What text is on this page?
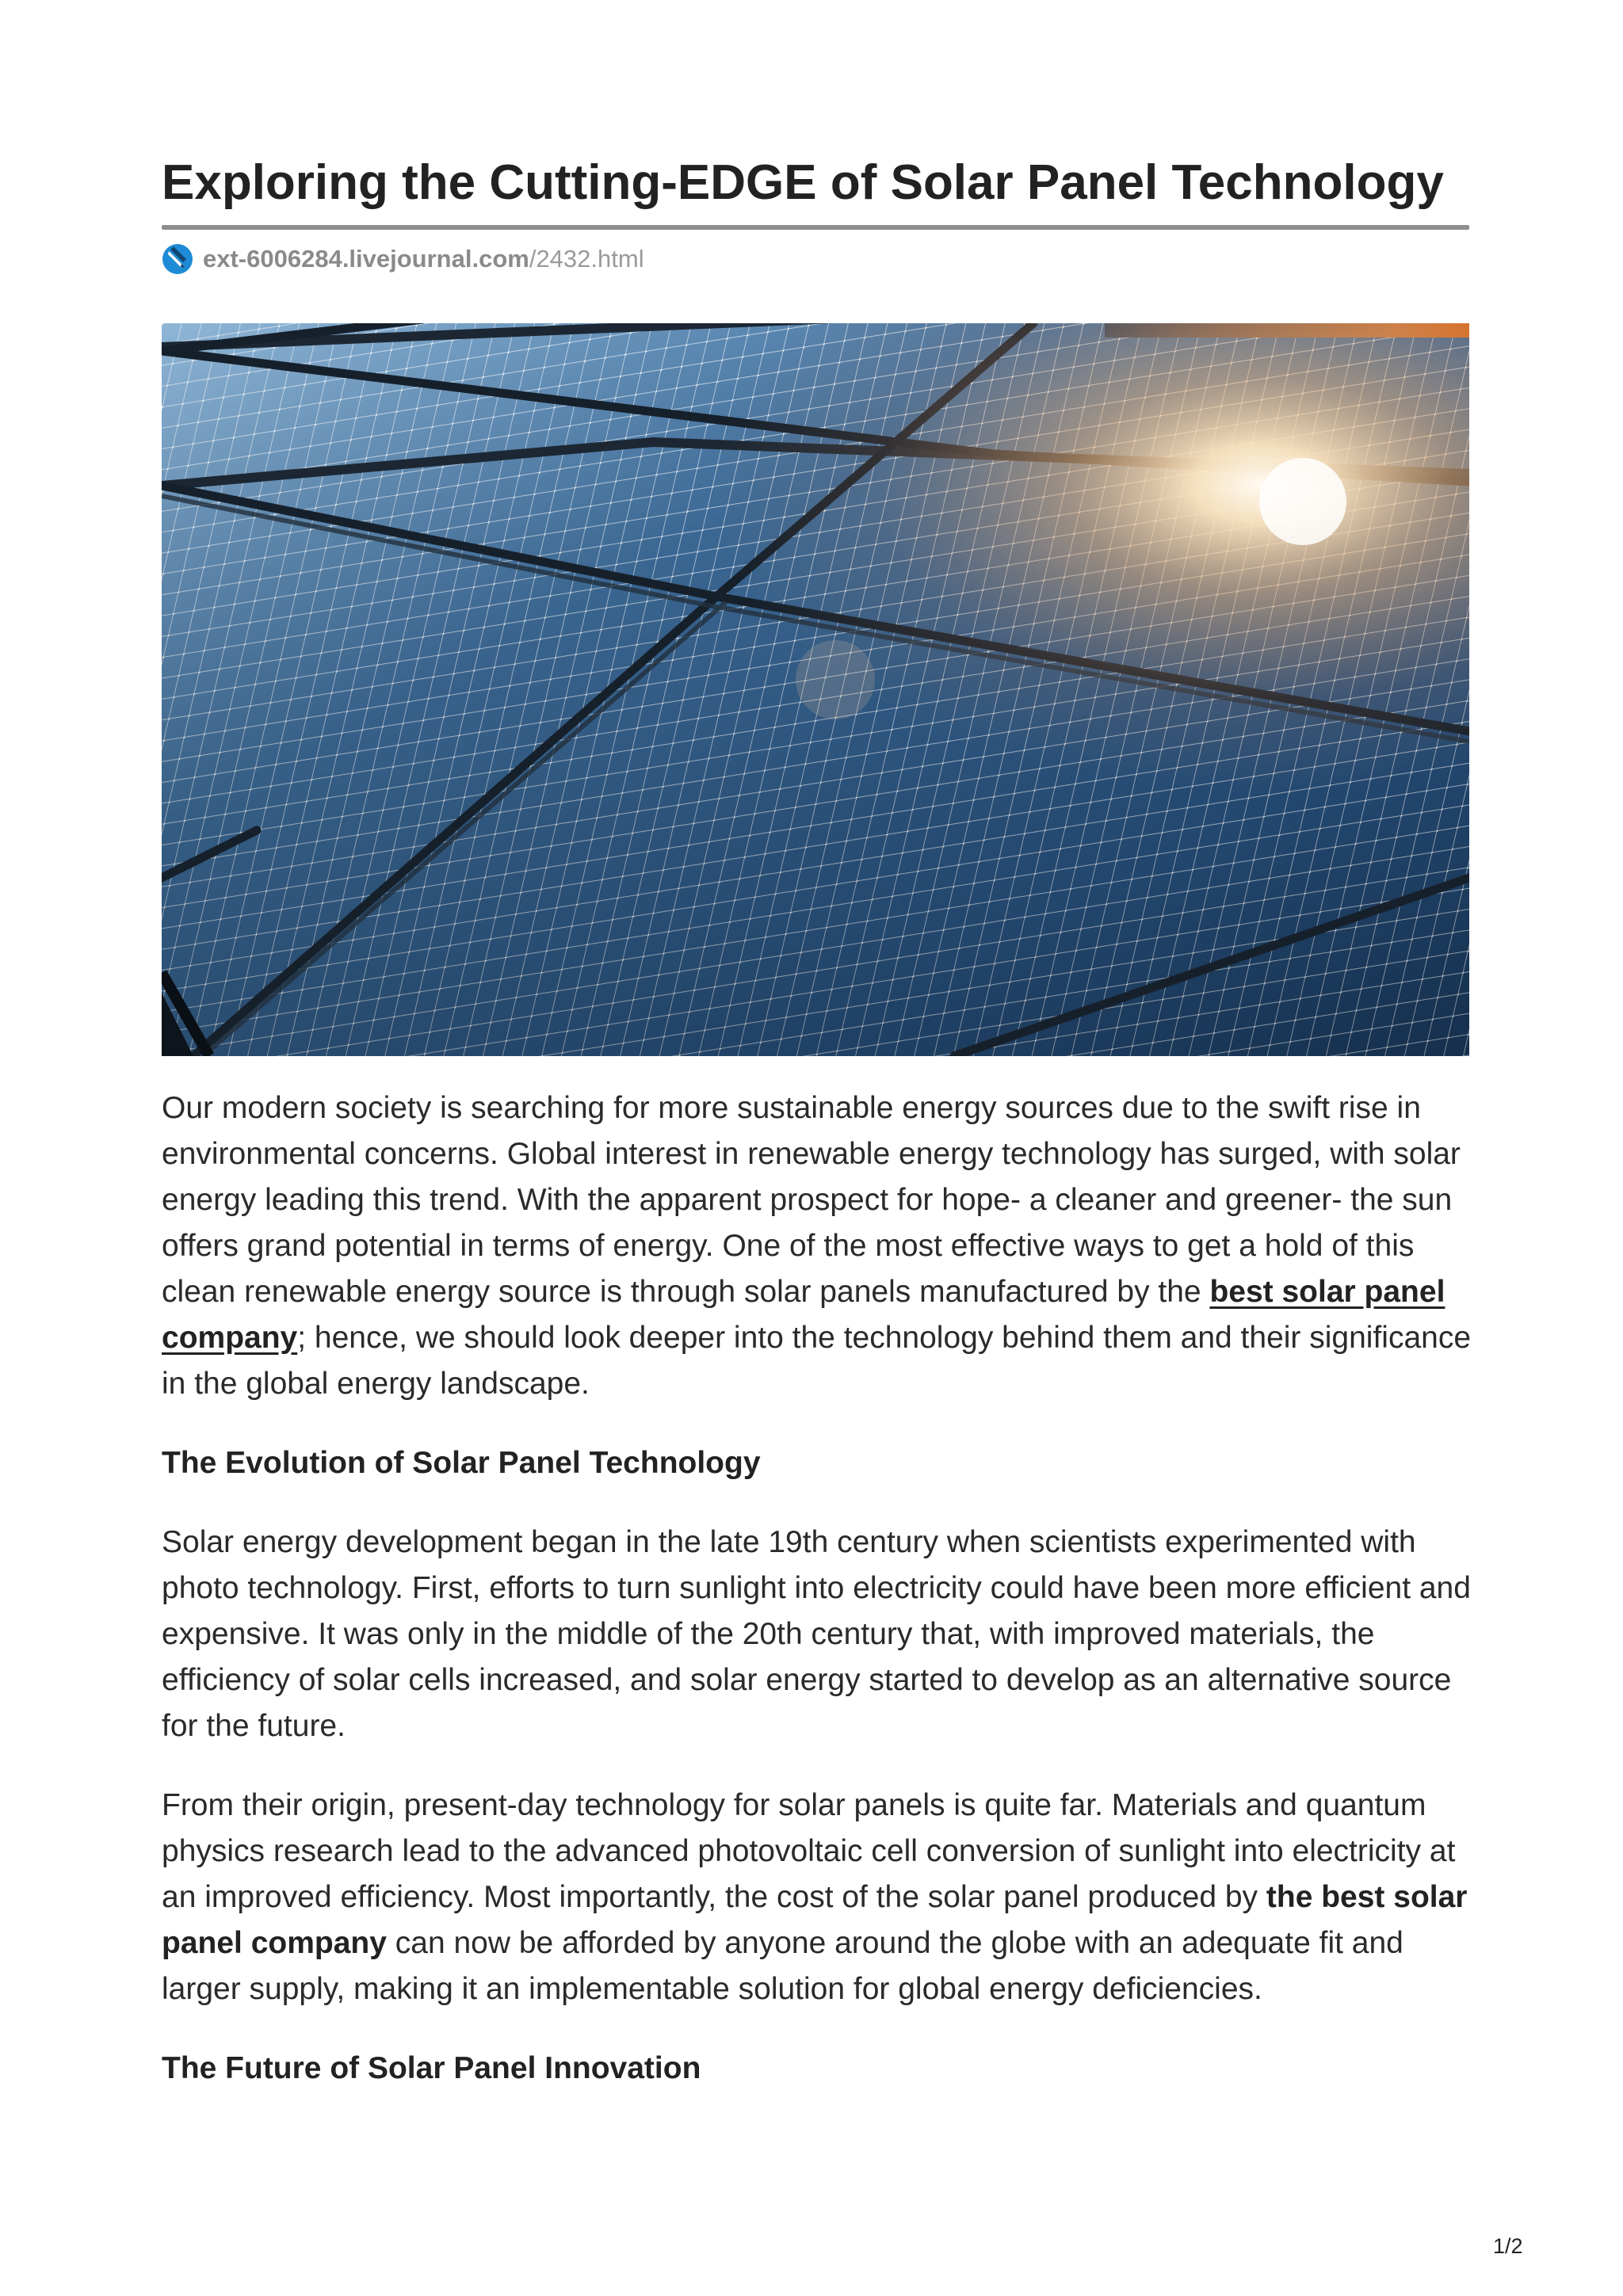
Exploring the Cutting-EDGE of Solar Panel Technology
ext-6006284.livejournal.com /2432.html

Our modern society is searching for more sustainable energy sources due to the swift rise in environmental concerns. Global interest in renewable energy technology has surged, with solar energy leading this trend. With the apparent prospect for hope- a cleaner and greener- the sun offers grand potential in terms of energy. One of the most effective ways to get a hold of this clean renewable energy source is through solar panels manufactured by the best solar panel company; hence, we should look deeper into the technology behind them and their significance in the global energy landscape.

The Evolution of Solar Panel Technology

Solar energy development began in the late 19th century when scientists experimented with photo technology. First, efforts to turn sunlight into electricity could have been more efficient and expensive. It was only in the middle of the 20th century that, with improved materials, the efficiency of solar cells increased, and solar energy started to develop as an alternative source for the future.

From their origin, present-day technology for solar panels is quite far. Materials and quantum physics research lead to the advanced photovoltaic cell conversion of sunlight into electricity at an improved efficiency. Most importantly, the cost of the solar panel produced by the best solar panel company can now be afforded by anyone around the globe with an adequate fit and larger supply, making it an implementable solution for global energy deficiencies.

The Future of Solar Panel Innovation
1/2
